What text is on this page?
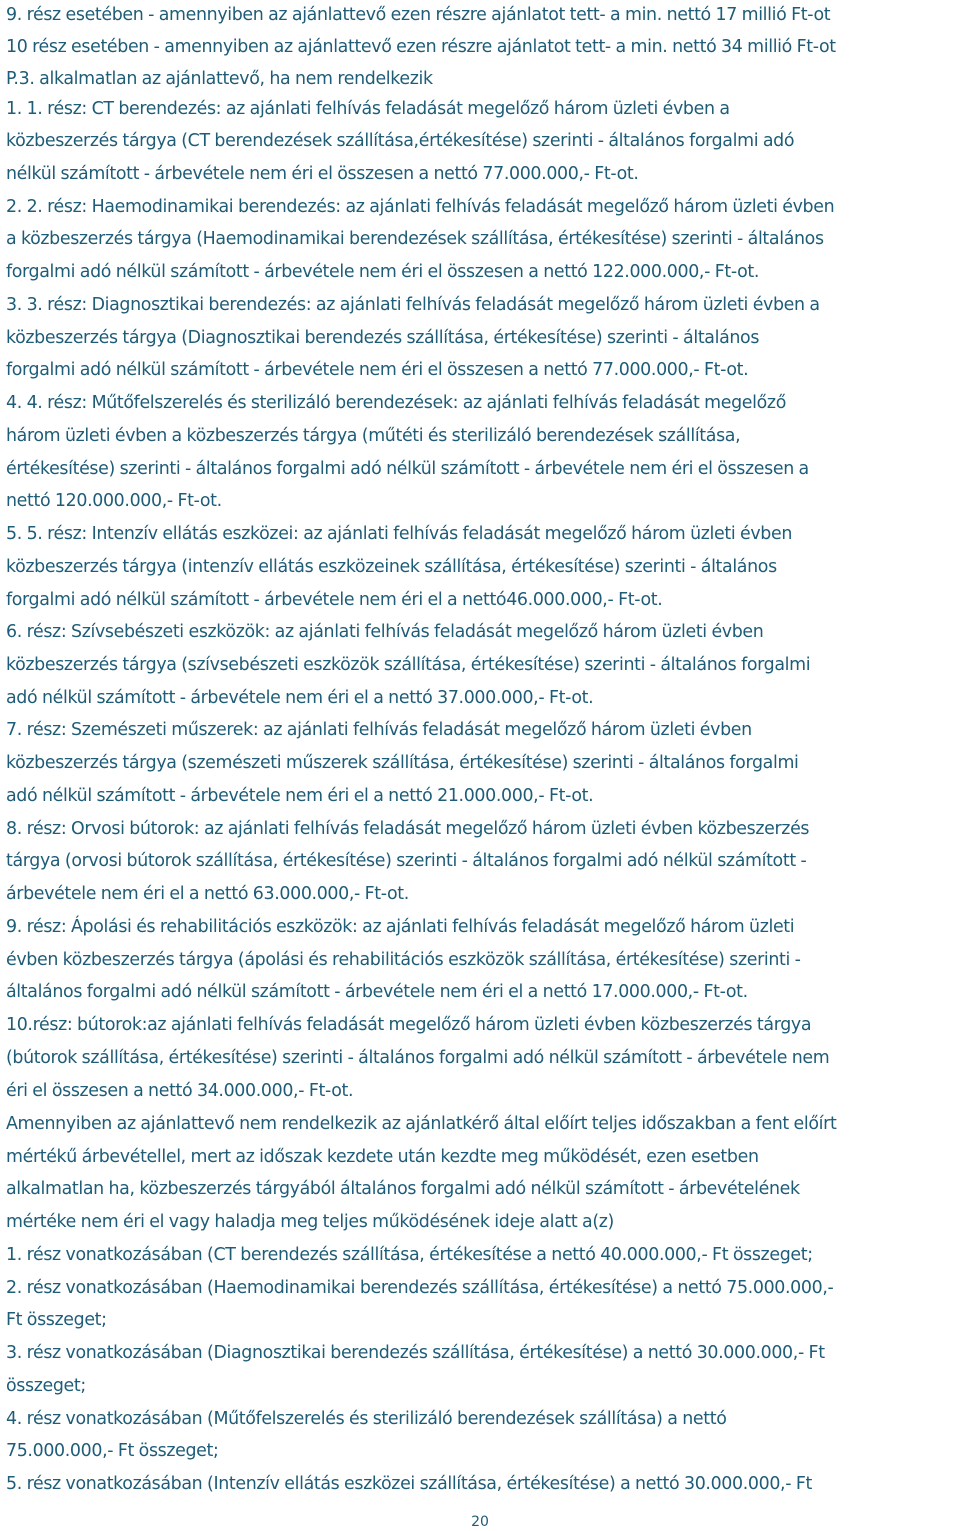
9. rész esetében - amennyiben az ajánlattevő ezen részre ajánlatot tett- a min. nettó 17 millió Ft-ot
10 rész esetében - amennyiben az ajánlattevő ezen részre ajánlatot tett- a min. nettó 34 millió Ft-ot
P.3. alkalmatlan az ajánlattevő, ha nem rendelkezik
1. 1. rész: CT berendezés: az ajánlati felhívás feladását megelőző három üzleti évben a
közbeszerzés tárgya (CT berendezések szállítása,értékesítése) szerinti - általános forgalmi adó
nélkül számított - árbevétele nem éri el összesen a nettó 77.000.000,- Ft-ot.
2. 2. rész: Haemodinamikai berendezés: az ajánlati felhívás feladását megelőző három üzleti évben
a közbeszerzés tárgya (Haemodinamikai berendezések szállítása, értékesítése) szerinti - általános
forgalmi adó nélkül számított - árbevétele nem éri el összesen a nettó 122.000.000,- Ft-ot.
3. 3. rész: Diagnosztikai berendezés: az ajánlati felhívás feladását megelőző három üzleti évben a
közbeszerzés tárgya (Diagnosztikai berendezés szállítása, értékesítése) szerinti - általános
forgalmi adó nélkül számított - árbevétele nem éri el összesen a nettó 77.000.000,- Ft-ot.
4. 4. rész: Műtőfelszerelés és sterilizáló berendezések: az ajánlati felhívás feladását megelőző
három üzleti évben a közbeszerzés tárgya (műtéti és sterilizáló berendezések szállítása,
értékesítése) szerinti - általános forgalmi adó nélkül számított - árbevétele nem éri el összesen a
nettó 120.000.000,- Ft-ot.
5. 5. rész: Intenzív ellátás eszközei: az ajánlati felhívás feladását megelőző három üzleti évben
közbeszerzés tárgya (intenzív ellátás eszközeinek szállítása, értékesítése) szerinti - általános
forgalmi adó nélkül számított - árbevétele nem éri el a nettó46.000.000,- Ft-ot.
6. rész: Szívsebészeti eszközök: az ajánlati felhívás feladását megelőző három üzleti évben
közbeszerzés tárgya (szívsebészeti eszközök szállítása, értékesítése) szerinti - általános forgalmi
adó nélkül számított - árbevétele nem éri el a nettó 37.000.000,- Ft-ot.
7. rész: Szemészeti műszerek: az ajánlati felhívás feladását megelőző három üzleti évben
közbeszerzés tárgya (szemészeti műszerek szállítása, értékesítése) szerinti - általános forgalmi
adó nélkül számított - árbevétele nem éri el a nettó 21.000.000,- Ft-ot.
8. rész: Orvosi bútorok: az ajánlati felhívás feladását megelőző három üzleti évben közbeszerzés
tárgya (orvosi bútorok szállítása, értékesítése) szerinti - általános forgalmi adó nélkül számított -
árbevétele nem éri el a nettó 63.000.000,- Ft-ot.
9. rész: Ápolási és rehabilitációs eszközök: az ajánlati felhívás feladását megelőző három üzleti
évben közbeszerzés tárgya (ápolási és rehabilitációs eszközök szállítása, értékesítése) szerinti -
általános forgalmi adó nélkül számított - árbevétele nem éri el a nettó 17.000.000,- Ft-ot.
10.rész: bútorok:az ajánlati felhívás feladását megelőző három üzleti évben közbeszerzés tárgya
(bútorok szállítása, értékesítése) szerinti - általános forgalmi adó nélkül számított - árbevétele nem
éri el összesen a nettó 34.000.000,- Ft-ot.
Amennyiben az ajánlattevő nem rendelkezik az ajánlatkérő által előírt teljes időszakban a fent előírt
mértékű árbevétellel, mert az időszak kezdete után kezdte meg működését, ezen esetben
alkalmatlan ha, közbeszerzés tárgyából általános forgalmi adó nélkül számított - árbevételének
mértéke nem éri el vagy haladja meg teljes működésének ideje alatt a(z)
1. rész vonatkozásában (CT berendezés szállítása, értékesítése a nettó 40.000.000,- Ft összeget;
2. rész vonatkozásában (Haemodinamikai berendezés szállítása, értékesítése) a nettó 75.000.000,-
Ft összeget;
3. rész vonatkozásában (Diagnosztikai berendezés szállítása, értékesítése) a nettó 30.000.000,- Ft
összeget;
4. rész vonatkozásában (Műtőfelszerelés és sterilizáló berendezések szállítása) a nettó
75.000.000,- Ft összeget;
5. rész vonatkozásában (Intenzív ellátás eszközei szállítása, értékesítése) a nettó 30.000.000,- Ft
20
